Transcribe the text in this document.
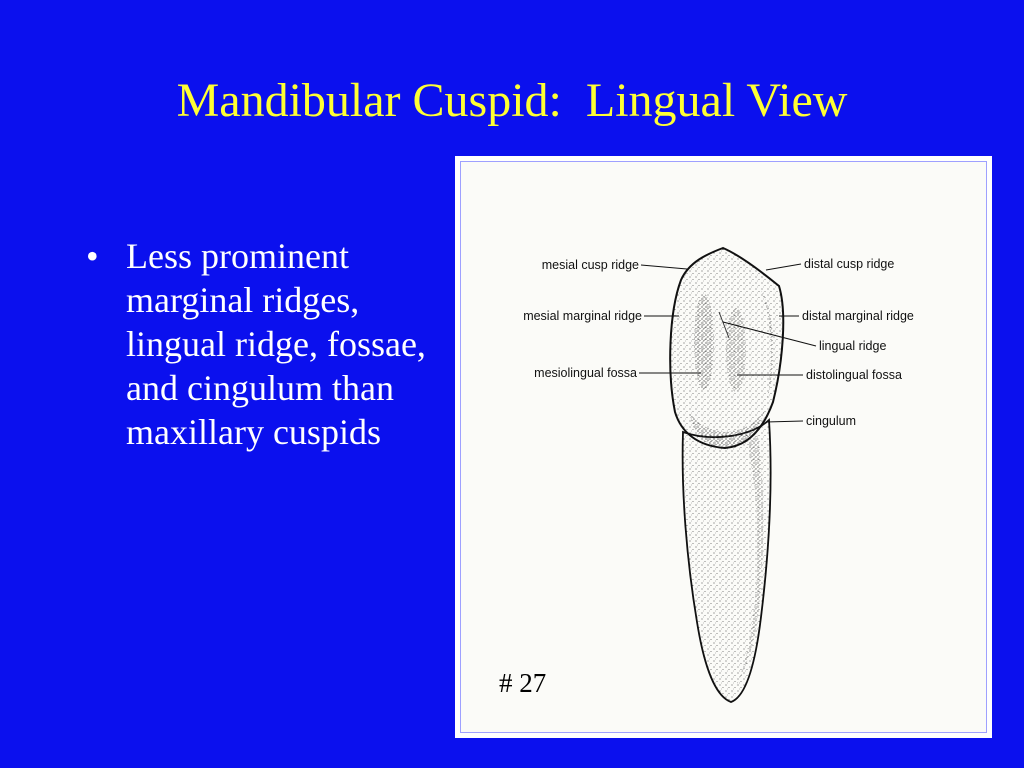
Mandibular Cuspid:  Lingual View
• Less prominent marginal ridges, lingual ridge, fossae, and cingulum than maxillary cuspids
mesial cusp ridge
mesial marginal ridge
mesiolingual fossa
distal cusp ridge
distal marginal ridge
lingual ridge
distolingual fossa
cingulum
# 27
